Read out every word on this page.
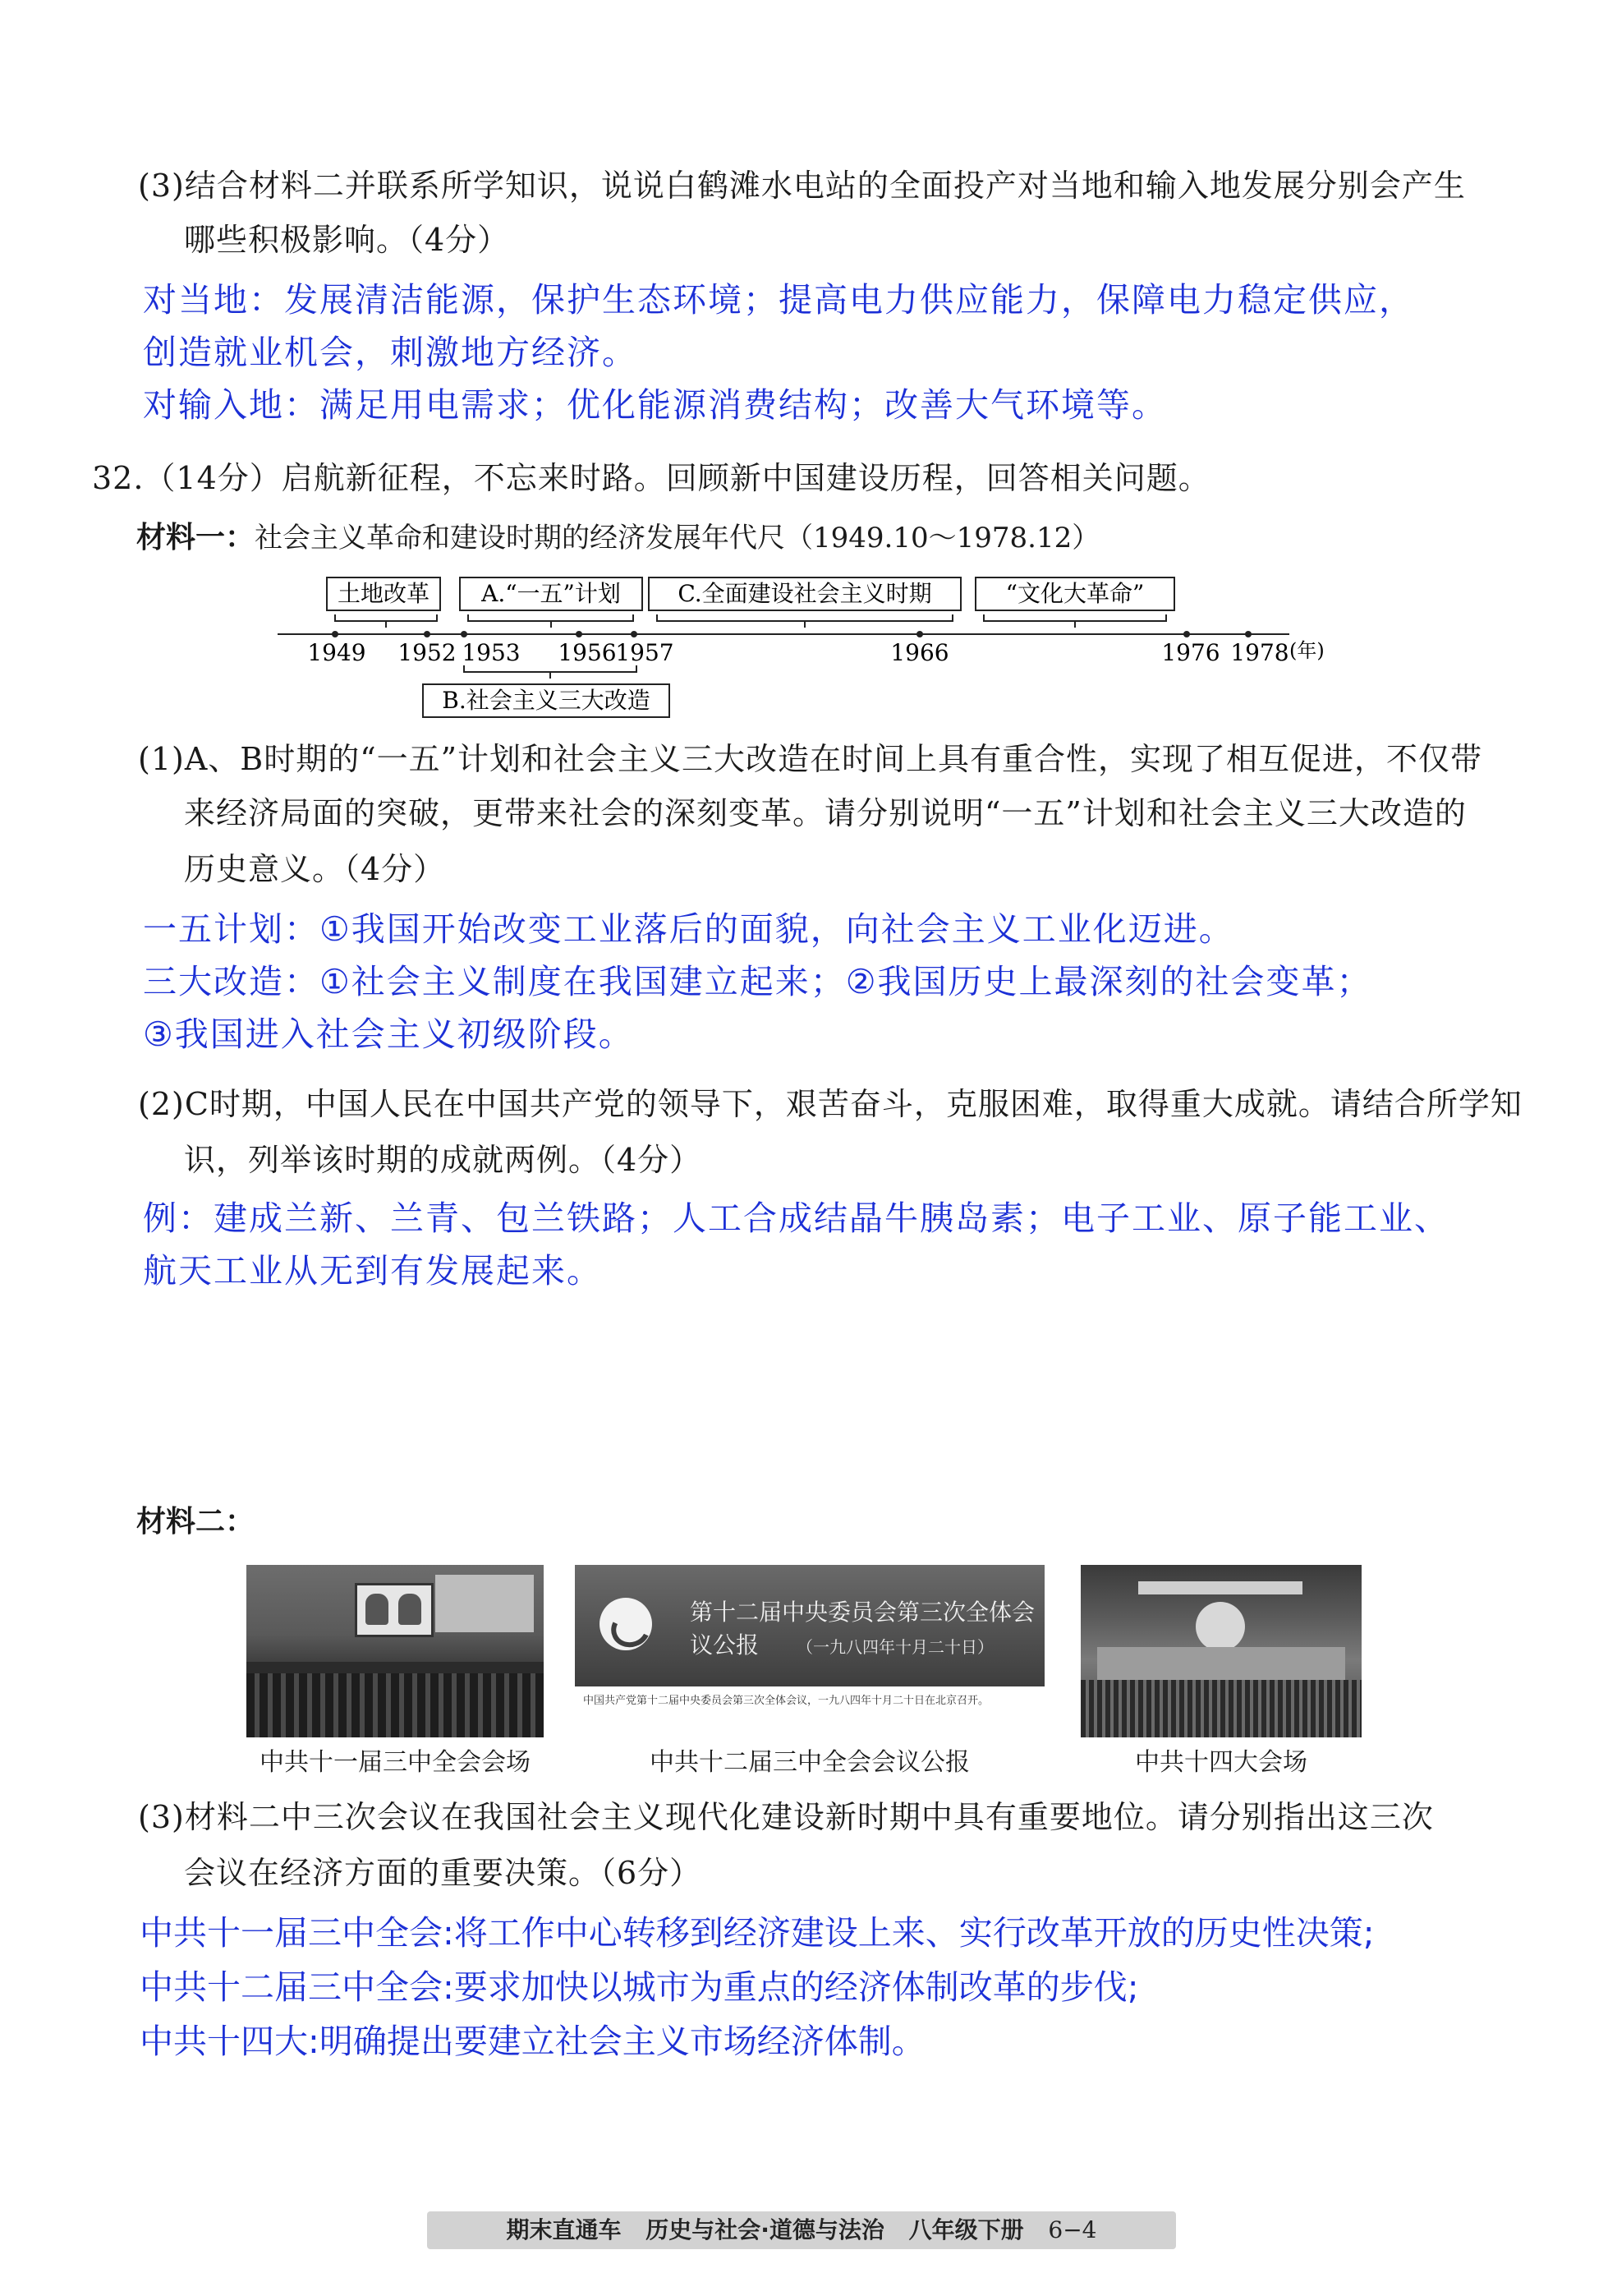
(3)结合材料二并联系所学知识，说说白鹤滩水电站的全面投产对当地和输入地发展分别会产生
哪些积极影响。（4分）
对当地：发展清洁能源，保护生态环境；提高电力供应能力，保障电力稳定供应，
创造就业机会，刺激地方经济。
对输入地：满足用电需求；优化能源消费结构；改善大气环境等。
32.（14分）启航新征程，不忘来时路。回顾新中国建设历程，回答相关问题。
材料一：社会主义革命和建设时期的经济发展年代尺（1949.10～1978.12）
土地改革 A.“一五”计划 C.全面建设社会主义时期	“文化大革命”
1949 1952 1953 1956
1957	1966	1976 1978 (年)
B.社会主义三大改造
(1)A、B时期的“一五”计划和社会主义三大改造在时间上具有重合性，实现了相互促进，不仅带
来经济局面的突破，更带来社会的深刻变革。请分别说明“一五”计划和社会主义三大改造的
历史意义。（4分）
一五计划：①我国开始改变工业落后的面貌，向社会主义工业化迈进。
三大改造：①社会主义制度在我国建立起来；②我国历史上最深刻的社会变革；
③我国进入社会主义初级阶段。
(2)C时期，中国人民在中国共产党的领导下，艰苦奋斗，克服困难，取得重大成就。请结合所学知
识，列举该时期的成就两例。（4分）
例：建成兰新、兰青、包兰铁路；人工合成结晶牛胰岛素；电子工业、原子能工业、
航天工业从无到有发展起来。
材料二：
中共十一届三中全会会场
第十二届中央委员会第三次全体会议公报	（一九八四年十月二十日）
中国共产党第十二届中央委员会第三次全体会议，一九八四年十月二十日在北京召开。
中共十二届三中全会会议公报	中共十四大会场
(3)材料二中三次会议在我国社会主义现代化建设新时期中具有重要地位。请分别指出这三次
会议在经济方面的重要决策。（6分）
中共十一届三中全会:将工作中心转移到经济建设上来、实行改革开放的历史性决策;
中共十二届三中全会:要求加快以城市为重点的经济体制改革的步伐;
中共十四大:明确提出要建立社会主义市场经济体制。
期末直通车 历史与社会·道德与法治 八年级下册 6−4
